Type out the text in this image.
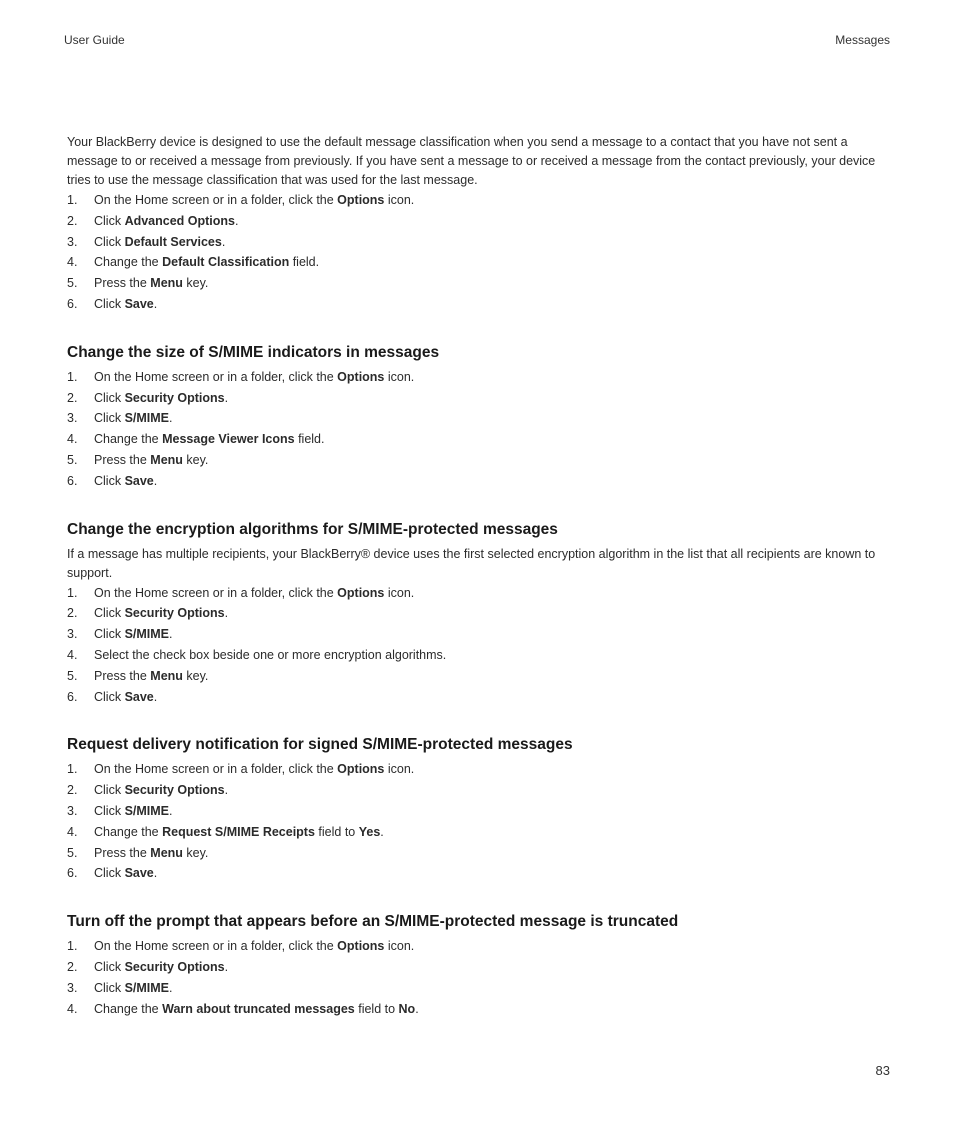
User Guide	Messages

Your BlackBerry device is designed to use the default message classification when you send a message to a contact that you have not sent a message to or received a message from previously. If you have sent a message to or received a message from the contact previously, your device tries to use the message classification that was used for the last message.

1. On the Home screen or in a folder, click the Options icon.
2. Click Advanced Options.
3. Click Default Services.
4. Change the Default Classification field.
5. Press the Menu key.
6. Click Save.
Change the size of S/MIME indicators in messages
1. On the Home screen or in a folder, click the Options icon.
2. Click Security Options.
3. Click S/MIME.
4. Change the Message Viewer Icons field.
5. Press the Menu key.
6. Click Save.
Change the encryption algorithms for S/MIME-protected messages

If a message has multiple recipients, your BlackBerry® device uses the first selected encryption algorithm in the list that all recipients are known to support.

1. On the Home screen or in a folder, click the Options icon.
2. Click Security Options.
3. Click S/MIME.
4. Select the check box beside one or more encryption algorithms.
5. Press the Menu key.
6. Click Save.
Request delivery notification for signed S/MIME-protected messages
1. On the Home screen or in a folder, click the Options icon.
2. Click Security Options.
3. Click S/MIME.
4. Change the Request S/MIME Receipts field to Yes.
5. Press the Menu key.
6. Click Save.
Turn off the prompt that appears before an S/MIME-protected message is truncated
1. On the Home screen or in a folder, click the Options icon.
2. Click Security Options.
3. Click S/MIME.
4. Change the Warn about truncated messages field to No.
83
